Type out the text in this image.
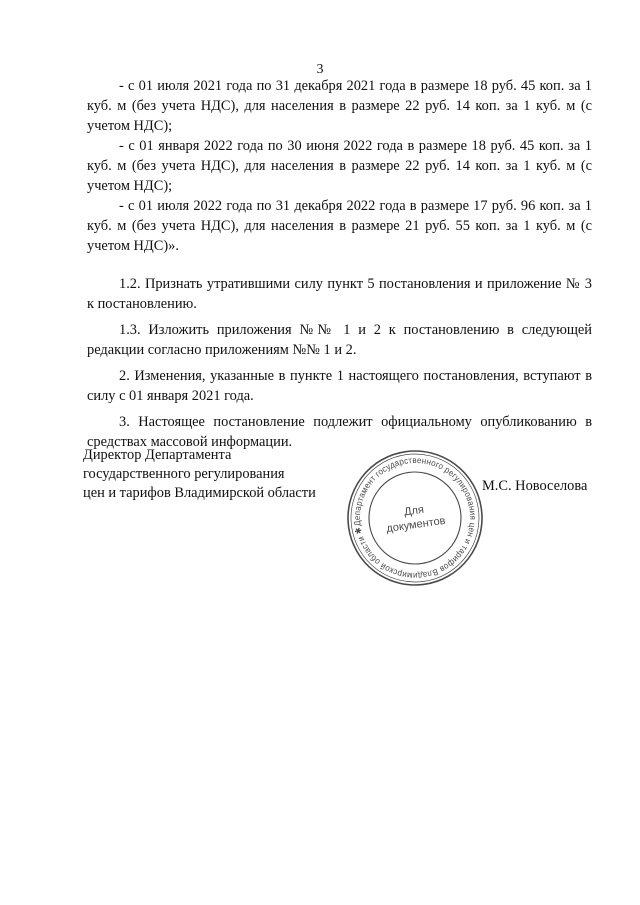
3

- с 01 июля 2021 года по 31 декабря 2021 года в размере 18 руб. 45 коп. за 1 куб. м (без учета НДС), для населения в размере 22 руб. 14 коп. за 1 куб. м (с учетом НДС);

- с 01 января 2022 года по 30 июня 2022 года в размере 18 руб. 45 коп. за 1 куб. м (без учета НДС), для населения в размере 22 руб. 14 коп. за 1 куб. м (с учетом НДС);

- с 01 июля 2022 года по 31 декабря 2022 года в размере 17 руб. 96 коп. за 1 куб. м (без учета НДС), для населения в размере 21 руб. 55 коп. за 1 куб. м (с учетом НДС)».

1.2. Признать утратившими силу пункт 5 постановления и приложение № 3 к постановлению.

1.3. Изложить приложения №№ 1 и 2 к постановлению в следующей редакции согласно приложениям №№ 1 и 2.

2. Изменения, указанные в пункте 1 настоящего постановления, вступают в силу с 01 января 2021 года.

3. Настоящее постановление подлежит официальному опубликованию в средствах массовой информации.

Директор Департамента
государственного регулирования
цен и тарифов Владимирской области
Департамент государственного регулирования цен и тарифов Владимирской области ✱
Для
документов
М.С. Новоселова
